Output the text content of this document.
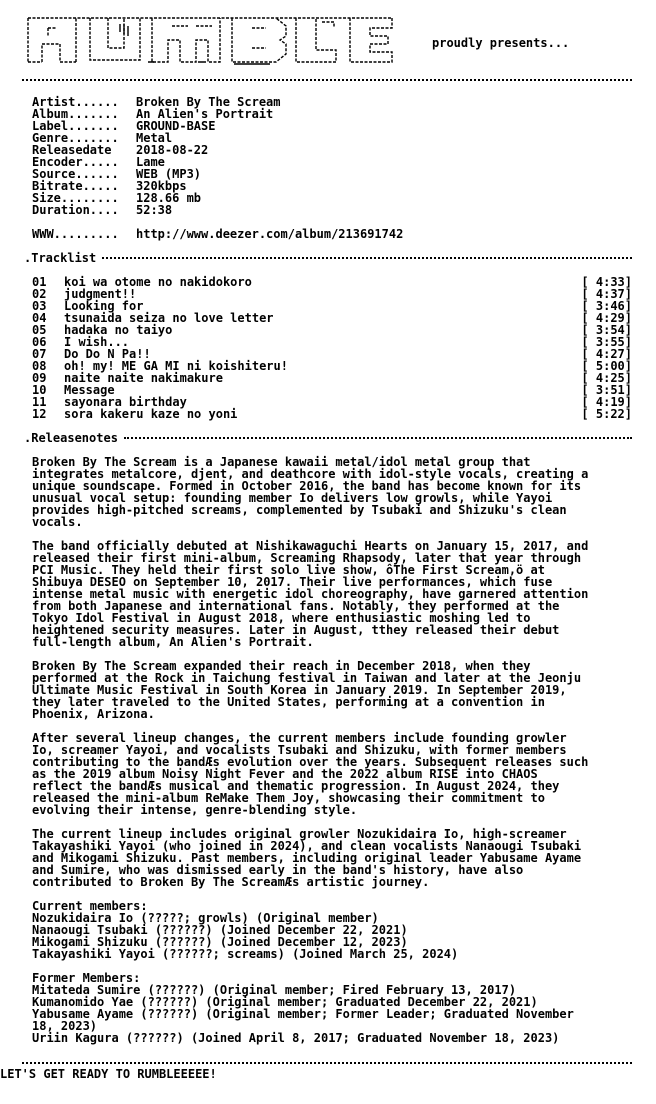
proudly presents...
Artist......	Broken By The Scream
Album.......	An Alien's Portrait
Label.......	GROUND-BASE
Genre.......	Metal
Releasedate	2018-08-22
Encoder.....	Lame
Source......	WEB (MP3)
Bitrate.....	320kbps
Size........	128.66 mb
Duration....	52:38
WWW.........	http://www.deezer.com/album/213691742
.Tracklist
01	koi wa otome no nakidokoro	[ 4:33]
02	judgment!!	[ 4:37]
03	Looking for	[ 3:46]
04	tsunaida seiza no love letter	[ 4:29]
05	hadaka no taiyo	[ 3:54]
06	I wish...	[ 3:55]
07	Do Do N Pa!!	[ 4:27]
08	oh! my! ME GA MI ni koishiteru!	[ 5:00]
09	naite naite nakimakure	[ 4:25]
10	Message	[ 3:51]
11	sayonara birthday	[ 4:19]
12	sora kakeru kaze no yoni	[ 5:22]
.Releasenotes
Broken By The Scream is a Japanese kawaii metal/idol metal group that
integrates metalcore, djent, and deathcore with idol-style vocals, creating a
unique soundscape. Formed in October 2016, the band has become known for its
unusual vocal setup: founding member Io delivers low growls, while Yayoi
provides high-pitched screams, complemented by Tsubaki and Shizuku's clean
vocals.
The band officially debuted at Nishikawaguchi Hearts on January 15, 2017, and
released their first mini-album, Screaming Rhapsody, later that year through
PCI Music. They held their first solo live show, ôThe First Scream,ö at
Shibuya DESEO on September 10, 2017. Their live performances, which fuse
intense metal music with energetic idol choreography, have garnered attention
from both Japanese and international fans. Notably, they performed at the
Tokyo Idol Festival in August 2018, where enthusiastic moshing led to
heightened security measures. Later in August, tthey released their debut
full-length album, An Alien's Portrait.
Broken By The Scream expanded their reach in December 2018, when they
performed at the Rock in Taichung festival in Taiwan and later at the Jeonju
Ultimate Music Festival in South Korea in January 2019. In September 2019,
they later traveled to the United States, performing at a convention in
Phoenix, Arizona.
After several lineup changes, the current members include founding growler
Io, screamer Yayoi, and vocalists Tsubaki and Shizuku, with former members
contributing to the bandÆs evolution over the years. Subsequent releases such
as the 2019 album Noisy Night Fever and the 2022 album RISE into CHAOS
reflect the bandÆs musical and thematic progression. In August 2024, they
released the mini-album ReMake Them Joy, showcasing their commitment to
evolving their intense, genre-blending style.
The current lineup includes original growler Nozukidaira Io, high-screamer
Takayashiki Yayoi (who joined in 2024), and clean vocalists Nanaougi Tsubaki
and Mikogami Shizuku. Past members, including original leader Yabusame Ayame
and Sumire, who was dismissed early in the band's history, have also
contributed to Broken By The ScreamÆs artistic journey.
Current members:
Nozukidaira Io (?????; growls) (Original member)
Nanaougi Tsubaki (??????) (Joined December 22, 2021)
Mikogami Shizuku (??????) (Joined December 12, 2023)
Takayashiki Yayoi (??????; screams) (Joined March 25, 2024)
Former Members:
Mitateda Sumire (??????) (Original member; Fired February 13, 2017)
Kumanomido Yae (??????) (Original member; Graduated December 22, 2021)
Yabusame Ayame (??????) (Original member; Former Leader; Graduated November
18, 2023)
Uriin Kagura (??????) (Joined April 8, 2017; Graduated November 18, 2023)
LET'S GET READY TO RUMBLEEEEE!
